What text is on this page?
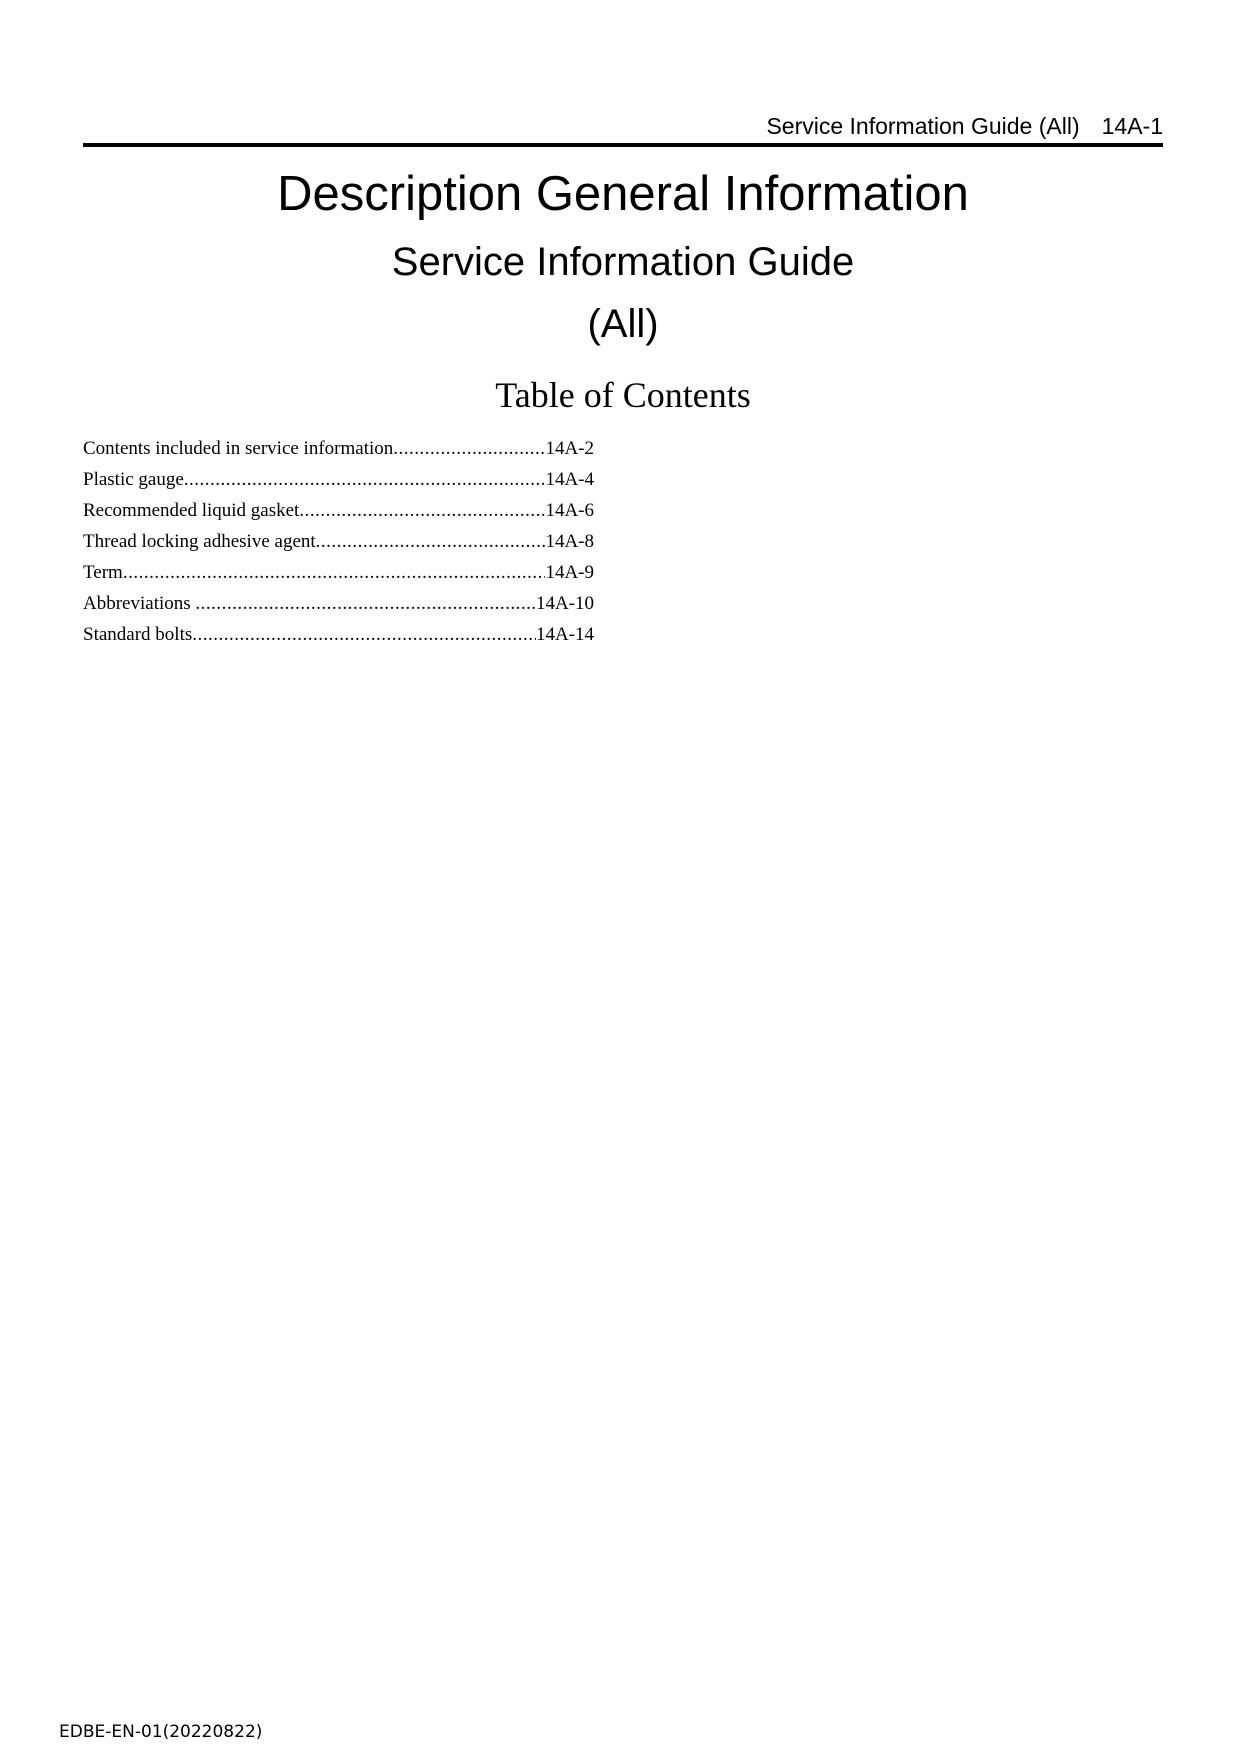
Service Information Guide (All) 14A-1
Description General Information
Service Information Guide
(All)
Table of Contents
Contents included in service information .....	14A-2
Plastic gauge .....	14A-4
Recommended liquid gasket .....	14A-6
Thread locking adhesive agent .....	14A-8
Term .....	14A-9
Abbreviations .....	14A-10
Standard bolts .....	14A-14
EDBE-EN-01(20220822)
